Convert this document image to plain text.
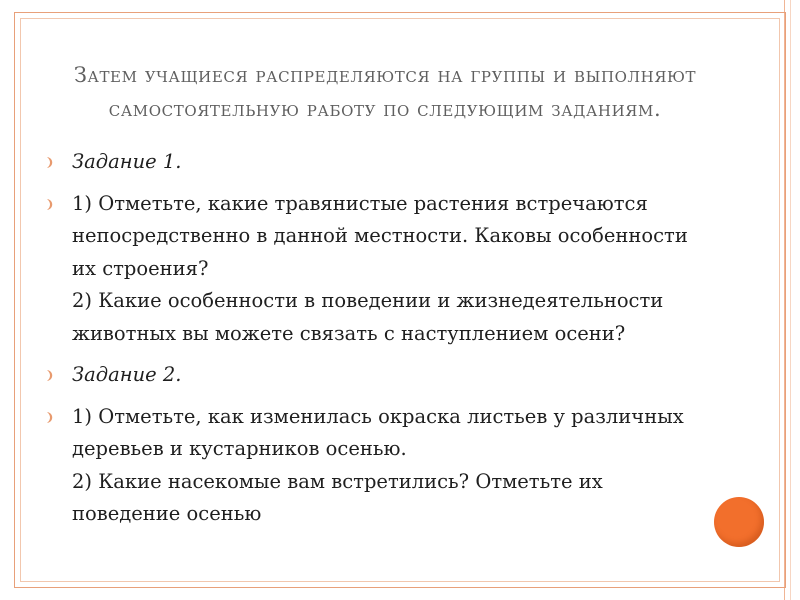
Затем учащиеся распределяются на группы и выполняют
самостоятельную работу по следующим заданиям.
Задание 1.
1) Отметьте, какие травянистые растения встречаются непосредственно в данной местности. Каковы особенности их строения?
2) Какие особенности в поведении и жизнедеятельности животных вы можете связать с наступлением осени?
Задание 2.
1) Отметьте, как изменилась окраска листьев у различных деревьев и кустарников осенью.
2) Какие насекомые вам встретились? Отметьте их поведение осенью
